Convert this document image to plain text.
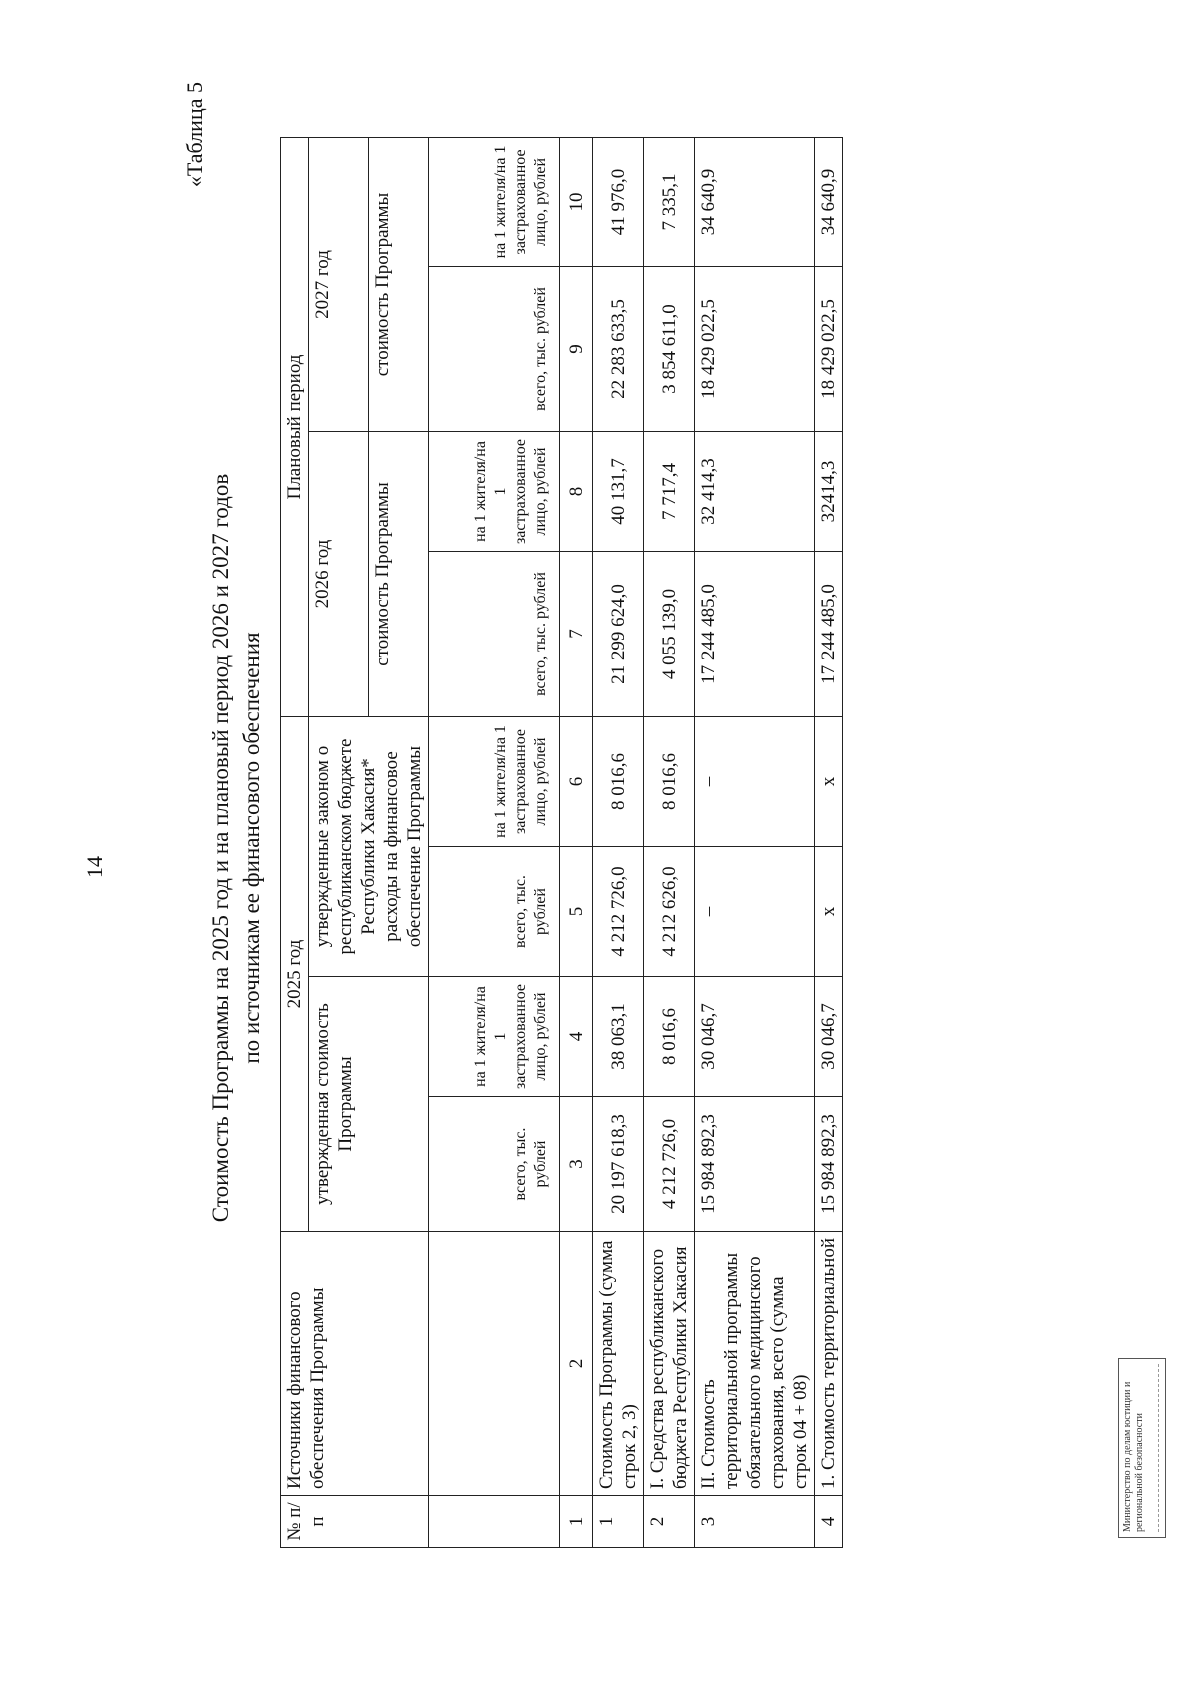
14
«Таблица 5
Стоимость Программы на 2025 год и на плановый период 2026 и 2027 годов по источникам ее финансового обеспечения
№ п/п	Источники финансового обеспечения Программы	2025 год				Плановый период			

		утвержденная стоимость Программы		утвержденные законом о республиканском бюджете Республики Хакасия* расходы на финансовое обеспечение Программы		2026 год		2027 год	
						стоимость Программы		стоимость Программы	
		всего, тыс. рублей	на 1 жителя/на 1 застрахованное лицо, рублей	всего, тыс. рублей	на 1 жителя/на 1 застрахованное лицо, рублей	всего, тыс. рублей	на 1 жителя/на 1 застрахованное лицо, рублей	всего, тыс. рублей	на 1 жителя/на 1 застрахованное лицо, рублей
1	2	3	4	5	6	7	8	9	10
1	Стоимость Программы (сумма строк 2, 3)	20 197 618,3	38 063,1	4 212 726,0	8 016,6	21 299 624,0	40 131,7	22 283 633,5	41 976,0
2	I. Средства республиканского бюджета Республики Хакасия	4 212 726,0	8 016,6	4 212 626,0	8 016,6	4 055 139,0	7 717,4	3 854 611,0	7 335,1
3	II. Стоимость территориальной программы обязательного медицинского страхования, всего (сумма строк 04 + 08)	15 984 892,3	30 046,7	–	–	17 244 485,0	32 414,3	18 429 022,5	34 640,9
4	1. Стоимость территориальной	15 984 892,3	30 046,7	х	х	17 244 485,0	32414,3	18 429 022,5	34 640,9
Министерство по делам юстиции и региональной безопасности
